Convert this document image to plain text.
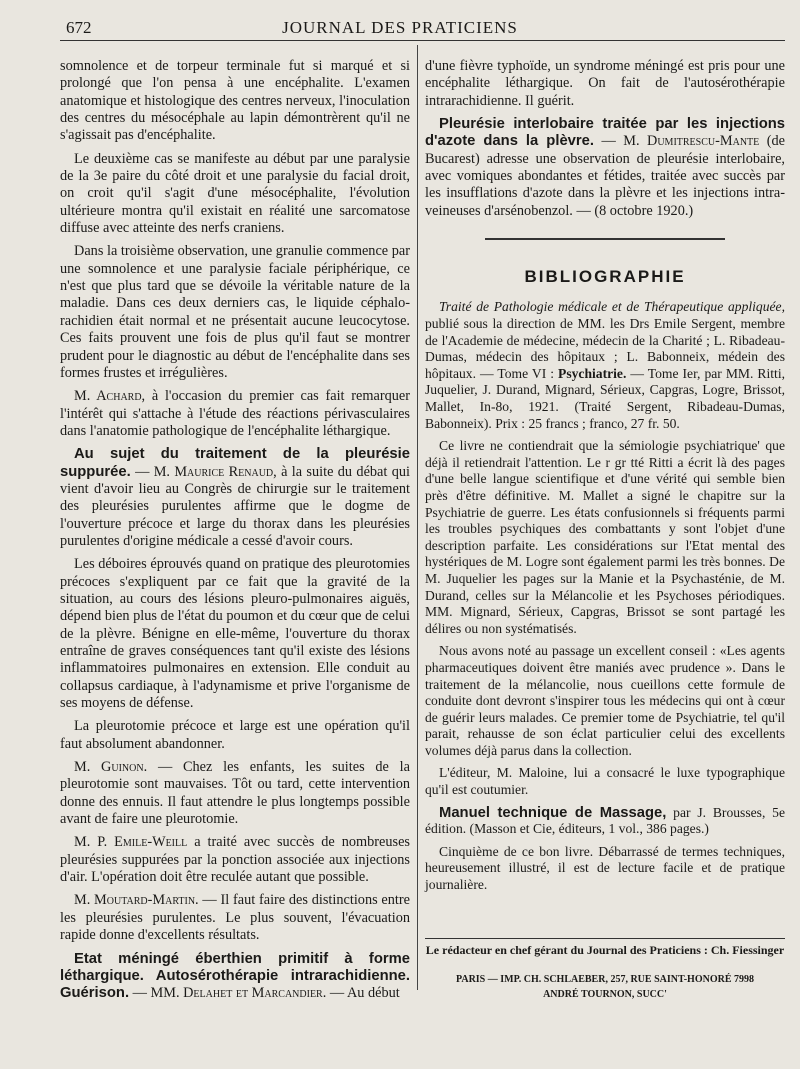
672	JOURNAL DES PRATICIENS

somnolence et de torpeur terminale fut si marqué et si prolongé que l'on pensa à une encéphalite. L'examen anatomique et histologique des centres nerveux, l'inoculation des centres du mésocéphale au lapin démontrèrent qu'il ne s'agissait pas d'encéphalite.

Le deuxième cas se manifeste au début par une paralysie de la 3e paire du côté droit et une paralysie du facial droit, on croit qu'il s'agit d'une mésocéphalite, l'évolution ultérieure montra qu'il existait en réalité une sarcomatose diffuse avec atteinte des nerfs craniens.

Dans la troisième observation, une granulie commence par une somnolence et une paralysie faciale périphérique, ce n'est que plus tard que se dévoile la véritable nature de la maladie. Dans ces deux derniers cas, le liquide céphalo-rachidien était normal et ne présentait aucune leucocytose. Ces faits prouvent une fois de plus qu'il faut se montrer prudent pour le diagnostic au début de l'encéphalite dans ses formes frustes et irrégulières.

M. Achard, à l'occasion du premier cas fait remarquer l'intérêt qui s'attache à l'étude des réactions périvasculaires dans l'anatomie pathologique de l'encéphalite léthargique.

Au sujet du traitement de la pleurésie suppurée. — M. Maurice Renaud, à la suite du débat qui vient d'avoir lieu au Congrès de chirurgie sur le traitement des pleurésies purulentes affirme que le dogme de l'ouverture précoce et large du thorax dans les pleurésies purulentes d'origine médicale a cessé d'avoir cours.

Les déboires éprouvés quand on pratique des pleurotomies précoces s'expliquent par ce fait que la gravité de la situation, au cours des lésions pleuro-pulmonaires aiguës, dépend bien plus de l'état du poumon et du cœur que de celui de la plèvre. Bénigne en elle-même, l'ouverture du thorax entraîne de graves conséquences tant qu'il existe des lésions inflammatoires pulmonaires en extension. Elle conduit au collapsus cardiaque, à l'adynamisme et prive l'organisme de ses moyens de défense.

La pleurotomie précoce et large est une opération qu'il faut absolument abandonner.

M. Guinon. — Chez les enfants, les suites de la pleurotomie sont mauvaises. Tôt ou tard, cette intervention donne des ennuis. Il faut attendre le plus longtemps possible avant de faire une pleurotomie.

M. P. Emile-Weill a traité avec succès de nombreuses pleurésies suppurées par la ponction associée aux injections d'air. L'opération doit être reculée autant que possible.

M. Moutard-Martin. — Il faut faire des distinctions entre les pleurésies purulentes. Le plus souvent, l'évacuation rapide donne d'excellents résultats.

Etat méningé éberthien primitif à forme léthargique. Autosérothérapie intrarachidienne. Guérison. — MM. Delahet et Marcandier. — Au début

d'une fièvre typhoïde, un syndrome méningé est pris pour une encéphalite léthargique. On fait de l'autosérothérapie intrarachidienne. Il guérit.

Pleurésie interlobaire traitée par les injections d'azote dans la plèvre. — M. Dumitrescu-Mante (de Bucarest) adresse une observation de pleurésie interlobaire, avec vomiques abondantes et fétides, traitée avec succès par les insufflations d'azote dans la plèvre et les injections intra-veineuses d'arsénobenzol. — (8 octobre 1920.)

BIBLIOGRAPHIE

Traité de Pathologie médicale et de Thérapeutique appliquée, publié sous la direction de MM. les Drs Emile Sergent, membre de l'Academie de médecine, médecin de la Charité ; L. Ribadeau-Dumas, médecin des hôpitaux ; L. Babonneix, médein des hôpitaux. — Tome VI : Psychiatrie. — Tome Ier, par MM. Ritti, Juquelier, J. Durand, Mignard, Sérieux, Capgras, Logre, Brissot, Mallet, In-8o, 1921. (Traité Sergent, Ribadeau-Dumas, Babonneix). Prix : 25 francs ; franco, 27 fr. 50.

Ce livre ne contiendrait que la sémiologie psychiatrique' que déjà il retiendrait l'attention. Le r gr tté Ritti a écrit là des pages d'une belle langue scientifique et d'une vérité qui semble bien près d'être définitive. M. Mallet a signé le chapitre sur la Psychiatrie de guerre. Les états confusionnels si fréquents parmi les troubles psychiques des combattants y sont l'objet d'une description parfaite. Les considérations sur l'Etat mental des hystériques de M. Logre sont également parmi les très bonnes. De M. Juquelier les pages sur la Manie et la Psychasténie, de M. Durand, celles sur la Mélancolie et les Psychoses périodiques. MM. Mignard, Sérieux, Capgras, Brissot se sont partagé les délires ou non systématisés.

Nous avons noté au passage un excellent conseil : «Les agents pharmaceutiques doivent être maniés avec prudence ». Dans le traitement de la mélancolie, nous cueillons cette formule de conduite dont devront s'inspirer tous les médecins qui ont à cœur de guérir leurs malades. Ce premier tome de Psychiatrie, tel qu'il parait, rehausse de son éclat particulier celui des excellents volumes déjà parus dans la collection.

L'éditeur, M. Maloine, lui a consacré le luxe typographique qu'il est coutumier.

Manuel technique de Massage, par J. Brousses, 5e édition. (Masson et Cie, éditeurs, 1 vol., 386 pages.)

Cinquième de ce bon livre. Débarrassé de termes techniques, heureusement illustré, il est de lecture facile et de pratique journalière.

Le rédacteur en chef gérant du Journal des Praticiens : Ch. Fiessinger
PARIS — IMP. CH. SCHLAEBER, 257, RUE SAINT-HONORÉ 7998
ANDRÉ TOURNON, SUCC'
